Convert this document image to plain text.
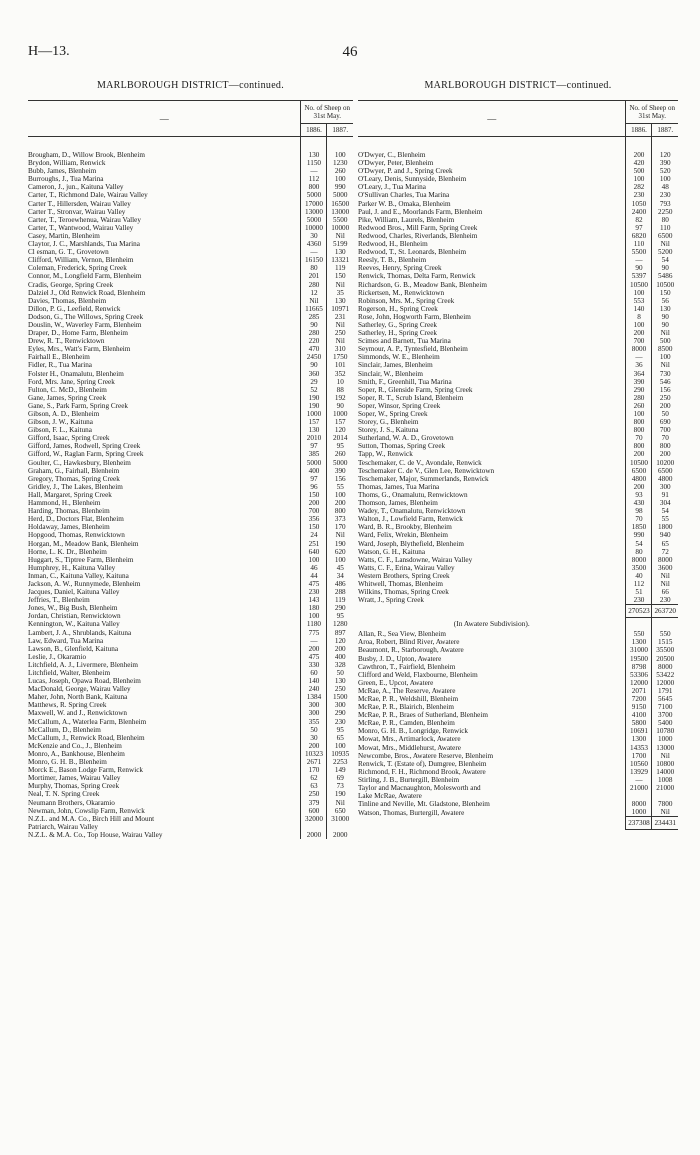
H—13.	46
MARLBOROUGH DISTRICT—continued.
—	No. of Sheep on 31st May.	
	1886.	1887.

Brougham, D., Willow Brook, Blenheim	130	100
Brydon, William, Renwick	1150	1230
Bubb, James, Blenheim	—	260
Burroughs, J., Tua Marina	112	100
Cameron, J., jun., Kaituna Valley	800	990
Carter, T., Richmond Dale, Wairau Valley	5000	5000
Carter T., Hillersden, Wairau Valley	17000	16500
Carter T., Stronvar, Wairau Valley	13000	13000
Carter, T., Teroewhenua, Wairau Valley	5000	5500
Carter, T., Wantwood, Wairau Valley	10000	10000
Casey, Martin, Blenheim	30	Nil
Claytor, J. C., Marshlands, Tua Marina	4360	5199
Cl esman, G. T., Grovetown	—	130
Clifford, William, Vernon, Blenheim	16150	13321
Coleman, Frederick, Spring Creek	80	119
Connor, M., Longfield Farm, Blenheim	201	150
Cradis, George, Spring Creek	280	Nil
Dalziel J., Old Renwick Road, Blenheim	12	35
Davies, Thomas, Blenheim	Nil	130
Dillon, P. G., Leefield, Renwick	11665	10971
Dodson, G., The Willows, Spring Creek	285	231
Douslin, W., Waverley Farm, Blenheim	90	Nil
Draper, D., Home Farm, Blenheim	280	250
Drew, R. T., Renwicktown	220	Nil
Eyles, Mrs., Watt's Farm, Blenheim	470	310
Fairhall E., Blenheim	2450	1750
Fidler, R., Tua Marina	90	101
Folster H., Onamalutu, Blenheim	360	352
Ford, Mrs. Jane, Spring Creek	29	10
Fulton, C. McD., Blenheim	52	88
Gane, James, Spring Creek	190	192
Gane, S., Park Farm, Spring Creek	190	90
Gibson, A. D., Blenheim	1000	1000
Gibson, J. W., Kaituna	157	157
Gibson, F. L., Kaituna	130	120
Gifford, Isaac, Spring Creek	2010	2014
Gifford, James, Rodwell, Spring Creek	97	95
Gifford, W., Raglan Farm, Spring Creek	385	260
Goulter, C., Hawkesbury, Blenheim	5000	5000
Graham, G., Fairhall, Blenheim	400	390
Gregory, Thomas, Spring Creek	97	156
Gridley, J., The Lakes, Blenheim	96	55
Hall, Margaret, Spring Creek	150	100
Hammond, H., Blenheim	200	200
Harding, Thomas, Blenheim	700	800
Herd, D., Doctors Flat, Blenheim	356	373
Holdaway, James, Blenheim	150	170
Hopgood, Thomas, Renwicktown	24	Nil
Horgan, M., Meadow Bank, Blenheim	251	190
Horne, L. K. Dr., Blenheim	640	620
Huggart, S., Tiptree Farm, Blenheim	100	100
Humphrey, H., Kaituna Valley	46	45
Inman, C., Kaituna Valley, Kaituna	44	34
Jackson, A. W., Runnymede, Blenheim	475	486
Jacques, Daniel, Kaituna Valley	230	288
Jeffries, T., Blenheim	143	119
Jones, W., Big Bush, Blenheim	180	290
Jordan, Christian, Renwicktown	100	95
Kennington, W., Kaituna Valley	1180	1280
Lambert, J. A., Shrublands, Kaituna	775	897
Law, Edward, Tua Marina	—	120
Lawson, B., Glenfield, Kaituna	200	200
Leslie, J., Okaramio	475	400
Litchfield, A. J., Livermere, Blenheim	330	328
Litchfield, Walter, Blenheim	60	50
Lucas, Joseph, Opawa Road, Blenheim	140	130
MacDonald, George, Wairau Valley	240	250
Maher, John, North Bank, Kaituna	1384	1500
Matthews, R. Spring Creek	300	300
Maxwell, W. and J., Renwicktown	300	290
McCallum, A., Waterlea Farm, Blenheim	355	230
McCallum, D., Blenheim	50	95
McCallum, J., Renwick Road, Blenheim	30	65
McKenzie and Co., J., Blenheim	200	100
Monro, A., Bankhouse, Blenheim	10323	10935
Monro, G. H. B., Blenheim	2671	2253
Morck E., Bason Lodge Farm, Renwick	170	149
Mortimer, James, Wairau Valley	62	69
Murphy, Thomas, Spring Creek	63	73
Neal, T. N. Spring Creek	250	190
Neumann Brothers, Okaramio	379	Nil
Newman, John, Cowslip Farm, Renwick	600	650
N.Z.L. and M.A. Co., Birch Hill and Mount	32000	31000
Patriarch, Wairau Valley		
N.Z.L. & M.A. Co., Top House, Wairau Valley	2000	2000
MARLBOROUGH DISTRICT—continued.
—	No. of Sheep on 31st May.	
	1886.	1887.

O'Dwyer, C., Blenheim	200	120
O'Dwyer, Peter, Blenheim	420	390
O'Dwyer, P. and J., Spring Creek	500	520
O'Leary, Denis, Sunnyside, Blenheim	100	100
O'Leary, J., Tua Marina	282	48
O'Sullivan Charles, Tua Marina	230	230
Parker W. B., Omaka, Blenheim	1050	793
Paul, J. and E., Moorlands Farm, Blenheim	2400	2250
Pike, William, Laurels, Blenheim	82	80
Redwood Bros., Mill Farm, Spring Creek	97	110
Redwood, Charles, Riverlands, Blenheim	6820	6500
Redwood, H., Blenheim	110	Nil
Redwood, T., St. Leonards, Blenheim	5500	5200
Reesly, T. B., Blenheim	—	54
Reeves, Henry, Spring Creek	90	90
Renwick, Thomas, Delta Farm, Renwick	5397	5486
Richardson, G. B., Meadow Bank, Blenheim	10500	10500
Rickertsen, M., Renwicktown	100	150
Robinson, Mrs. M., Spring Creek	553	56
Rogerson, H., Spring Creek	140	130
Rose, John, Hogworth Farm, Blenheim	8	90
Satherley, G., Spring Creek	100	90
Satherley, H., Spring Creek	200	Nil
Scimes and Barnett, Tua Marina	700	500
Seymour, A. P., Tyntesfield, Blenheim	8000	8500
Simmonds, W. E., Blenheim	—	100
Sinclair, James, Blenheim	36	Nil
Sinclair, W., Blenheim	364	730
Smith, F., Greenhill, Tua Marina	390	546
Soper, R., Glenside Farm, Spring Creek	290	156
Soper, R. T., Scrub Island, Blenheim	280	250
Soper, Winsor, Spring Creek	260	200
Soper, W., Spring Creek	100	50
Storey, G., Blenheim	800	690
Storey, J. S., Kaituna	800	700
Sutherland, W. A. D., Grovetown	70	70
Sutton, Thomas, Spring Creek	800	800
Tapp, W., Renwick	200	200
Teschemaker, C. de V., Avondale, Renwick	10500	10200
Teschemaker C. de V., Glen Lee, Renwicktown	6500	6500
Teschemaker, Major, Summerlands, Renwick	4800	4800
Thomas, James, Tua Marina	200	300
Thoms, G., Onamalutu, Renwicktown	93	91
Thomson, James, Blenheim	430	304
Wadey, T., Onamalutu, Renwicktown	98	54
Walton, J., Lowfield Farm, Renwick	70	55
Ward, B. R., Brookby, Blenheim	1850	1800
Ward, Felix, Wrekin, Blenheim	990	940
Ward, Joseph, Blythefield, Blenheim	54	65
Watson, G. H., Kaituna	80	72
Watts, C. F., Lansdowne, Wairau Valley	8000	8000
Watts, C. F., Erina, Wairau Valley	3500	3600
Western Brothers, Spring Creek	40	Nil
Whitwell, Thomas, Blenheim	112	Nil
Wilkins, Thomas, Spring Creek	51	66
Wratt, J., Spring Creek	230	230
	270523	263720
(In Awatere Subdivision).		
Allan, R., Sea View, Blenheim	550	550
Aroa, Robert, Blind River, Awatere	1300	1515
Beaumont, R., Starborough, Awatere	31000	35500
Busby, J. D., Upton, Awatere	19500	20500
Cawthron, T., Fairfield, Blenheim	8798	8000
Clifford and Weld, Flaxbourne, Blenheim	53306	53422
Green, E., Upcot, Awatere	12000	12000
McRae, A., The Reserve, Awatere	2071	1791
McRae, P. R., Weldshill, Blenheim	7200	5645
McRae, P. R., Blairich, Blenheim	9150	7100
McRae, P. R., Braes of Sutherland, Blenheim	4100	3700
McRae, P. R., Camden, Blenheim	5800	5400
Monro, G. H. B., Longridge, Renwick	10691	10780
Mowat, Mrs., Artimarlock, Awatere	1300	1000
Mowat, Mrs., Middlehurst, Awatere	14353	13000
Newcombe, Bros., Awatere Reserve, Blenheim	1700	Nil
Renwick, T. (Estate of), Dumgree, Blenheim	10560	10800
Richmond, F. H., Richmond Brook, Awatere	13929	14000
Stirling, J. B., Burtergill, Blenheim	—	1008
Taylor and Macnaughton, Molesworth and	21000	21000
Lake McRae, Awatere		
Tinline and Neville, Mt. Gladstone, Blenheim	8000	7800
Watson, Thomas, Burtergill, Awatere	1000	Nil
	237308	234431
